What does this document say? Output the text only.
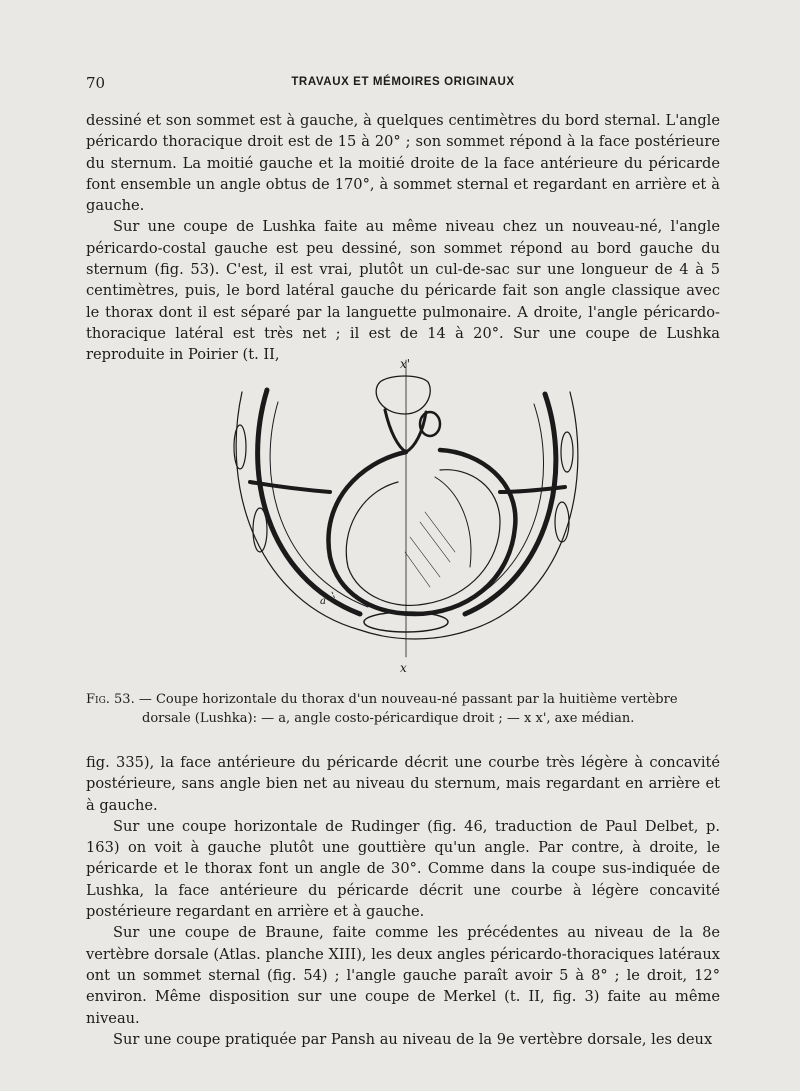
70	TRAVAUX ET MÉMOIRES ORIGINAUX

dessiné et son sommet est à gauche, à quelques centimètres du bord sternal. L'angle péricardo thoracique droit est de 15 à 20° ; son sommet répond à la face postérieure du sternum. La moitié gauche et la moitié droite de la face antérieure du péricarde font ensemble un angle obtus de 170°, à sommet sternal et regardant en arrière et à gauche.

Sur une coupe de Lushka faite au même niveau chez un nouveau-né, l'angle péricardo-costal gauche est peu dessiné, son sommet répond au bord gauche du sternum (fig. 53). C'est, il est vrai, plutôt un cul-de-sac sur une longueur de 4 à 5 centimètres, puis, le bord latéral gauche du péricarde fait son angle classique avec le thorax dont il est séparé par la languette pulmonaire. A droite, l'angle péricardo-thoracique latéral est très net ; il est de 14 à 20°. Sur une coupe de Lushka reproduite in Poirier (t. II,

x'
x
a
Fig. 53. — Coupe horizontale du thorax d'un nouveau-né passant par la huitième vertèbre
dorsale (Lushka): — a, angle costo-péricardique droit ; — x x', axe médian.

fig. 335), la face antérieure du péricarde décrit une courbe très légère à concavité postérieure, sans angle bien net au niveau du sternum, mais regardant en arrière et à gauche.

Sur une coupe horizontale de Rudinger (fig. 46, traduction de Paul Delbet, p. 163) on voit à gauche plutôt une gouttière qu'un angle. Par contre, à droite, le péricarde et le thorax font un angle de 30°. Comme dans la coupe sus-indiquée de Lushka, la face antérieure du péricarde décrit une courbe à légère concavité postérieure regardant en arrière et à gauche.

Sur une coupe de Braune, faite comme les précédentes au niveau de la 8e vertèbre dorsale (Atlas. planche XIII), les deux angles péricardo-thoraciques latéraux ont un sommet sternal (fig. 54) ; l'angle gauche paraît avoir 5 à 8° ; le droit, 12° environ. Même disposition sur une coupe de Merkel (t. II, fig. 3) faite au même niveau.

Sur une coupe pratiquée par Pansh au niveau de la 9e vertèbre dorsale, les deux
